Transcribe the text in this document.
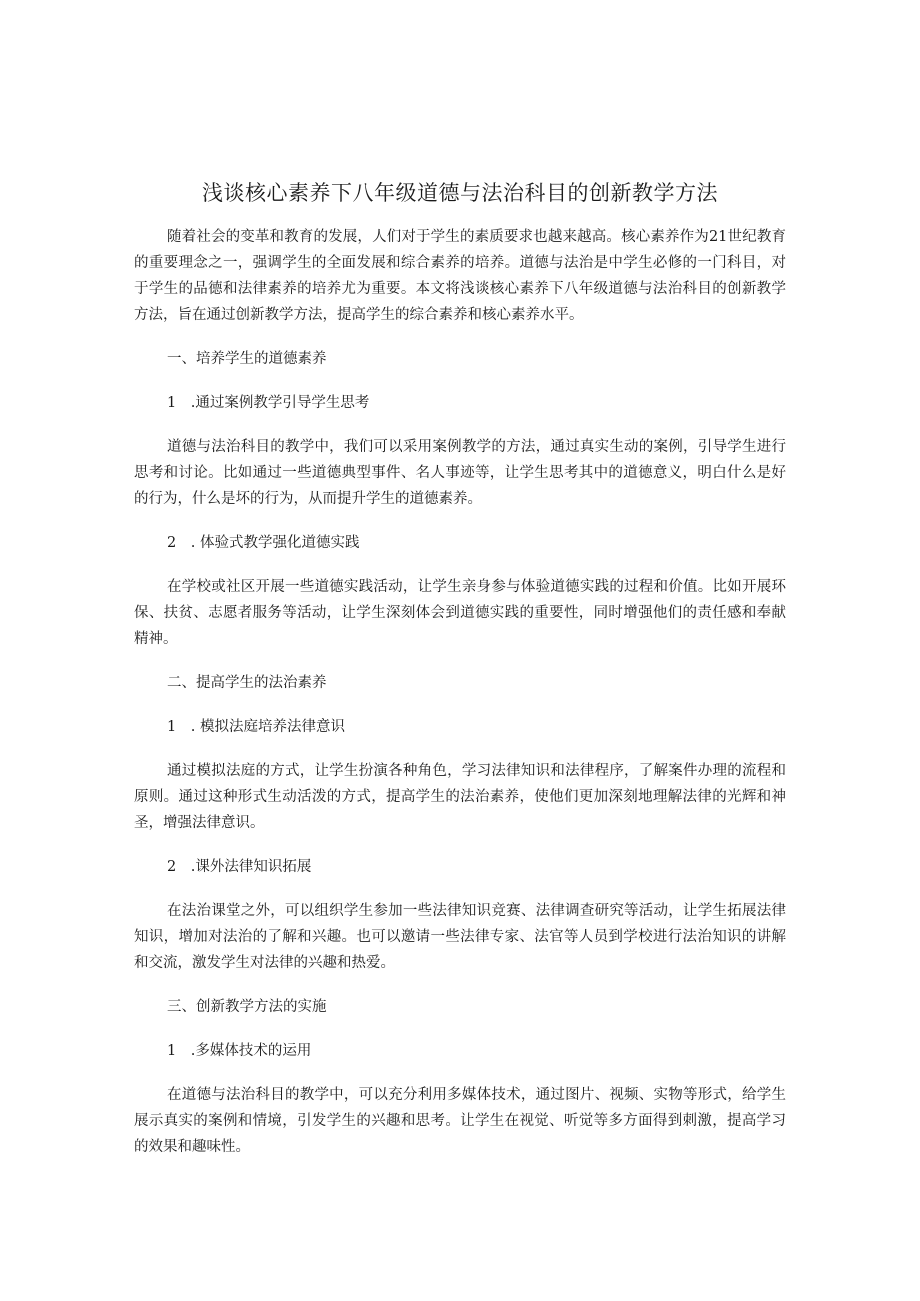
浅谈核心素养下八年级道德与法治科目的创新教学方法

随着社会的变革和教育的发展，人们对于学生的素质要求也越来越高。核心素养作为21世纪教育的重要理念之一，强调学生的全面发展和综合素养的培养。道德与法治是中学生必修的一门科目，对于学生的品德和法律素养的培养尤为重要。本文将浅谈核心素养下八年级道德与法治科目的创新教学方法，旨在通过创新教学方法，提高学生的综合素养和核心素养水平。

一、培养学生的道德素养

1　.通过案例教学引导学生思考

道德与法治科目的教学中，我们可以采用案例教学的方法，通过真实生动的案例，引导学生进行思考和讨论。比如通过一些道德典型事件、名人事迹等，让学生思考其中的道德意义，明白什么是好的行为，什么是坏的行为，从而提升学生的道德素养。

2　. 体验式教学强化道德实践

在学校或社区开展一些道德实践活动，让学生亲身参与体验道德实践的过程和价值。比如开展环保、扶贫、志愿者服务等活动，让学生深刻体会到道德实践的重要性，同时增强他们的责任感和奉献精神。

二、提高学生的法治素养

1　. 模拟法庭培养法律意识

通过模拟法庭的方式，让学生扮演各种角色，学习法律知识和法律程序，了解案件办理的流程和原则。通过这种形式生动活泼的方式，提高学生的法治素养，使他们更加深刻地理解法律的光辉和神圣，增强法律意识。

2　.课外法律知识拓展

在法治课堂之外，可以组织学生参加一些法律知识竞赛、法律调查研究等活动，让学生拓展法律知识，增加对法治的了解和兴趣。也可以邀请一些法律专家、法官等人员到学校进行法治知识的讲解和交流，激发学生对法律的兴趣和热爱。

三、创新教学方法的实施

1　.多媒体技术的运用

在道德与法治科目的教学中，可以充分利用多媒体技术，通过图片、视频、实物等形式，给学生展示真实的案例和情境，引发学生的兴趣和思考。让学生在视觉、听觉等多方面得到刺激，提高学习的效果和趣味性。
